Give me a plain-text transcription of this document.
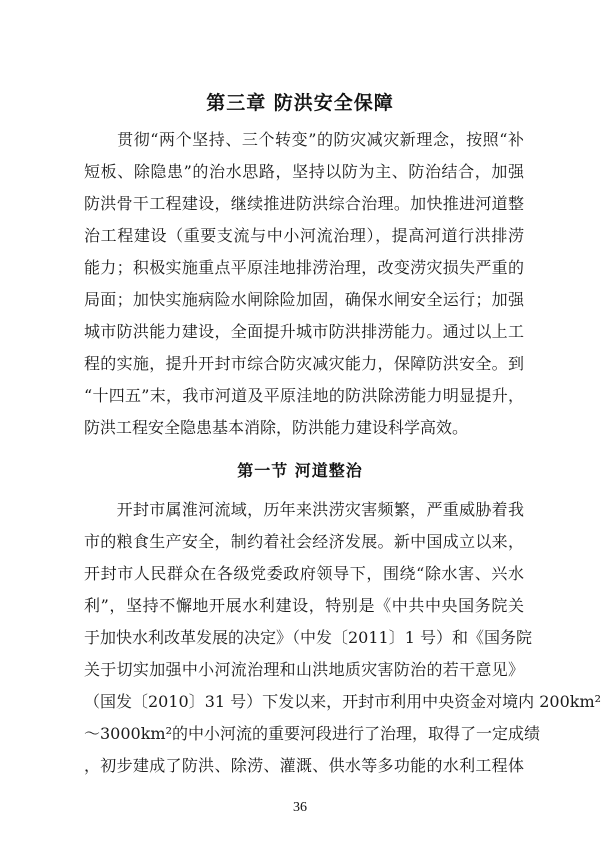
第三章 防洪安全保障
　　贯彻“两个坚持、三个转变”的防灾减灾新理念，按照“补
短板、除隐患”的治水思路，坚持以防为主、防治结合，加强
防洪骨干工程建设，继续推进防洪综合治理。加快推进河道整
治工程建设（重要支流与中小河流治理），提高河道行洪排涝
能力；积极实施重点平原洼地排涝治理，改变涝灾损失严重的
局面；加快实施病险水闸除险加固，确保水闸安全运行；加强
城市防洪能力建设，全面提升城市防洪排涝能力。通过以上工
程的实施，提升开封市综合防灾减灾能力，保障防洪安全。到
“十四五”末，我市河道及平原洼地的防洪除涝能力明显提升，
防洪工程安全隐患基本消除，防洪能力建设科学高效。
第一节 河道整治
　　开封市属淮河流域，历年来洪涝灾害频繁，严重威胁着我
市的粮食生产安全，制约着社会经济发展。新中国成立以来，
开封市人民群众在各级党委政府领导下，围绕“除水害、兴水
利”，坚持不懈地开展水利建设，特别是《中共中央国务院关
于加快水利改革发展的决定》（中发〔2011〕1 号）和《国务院
关于切实加强中小河流治理和山洪地质灾害防治的若干意见》
（国发〔2010〕31 号）下发以来，开封市利用中央资金对境内 200km²
～3000km²的中小河流的重要河段进行了治理，取得了一定成绩
，初步建成了防洪、除涝、灌溉、供水等多功能的水利工程体
36
